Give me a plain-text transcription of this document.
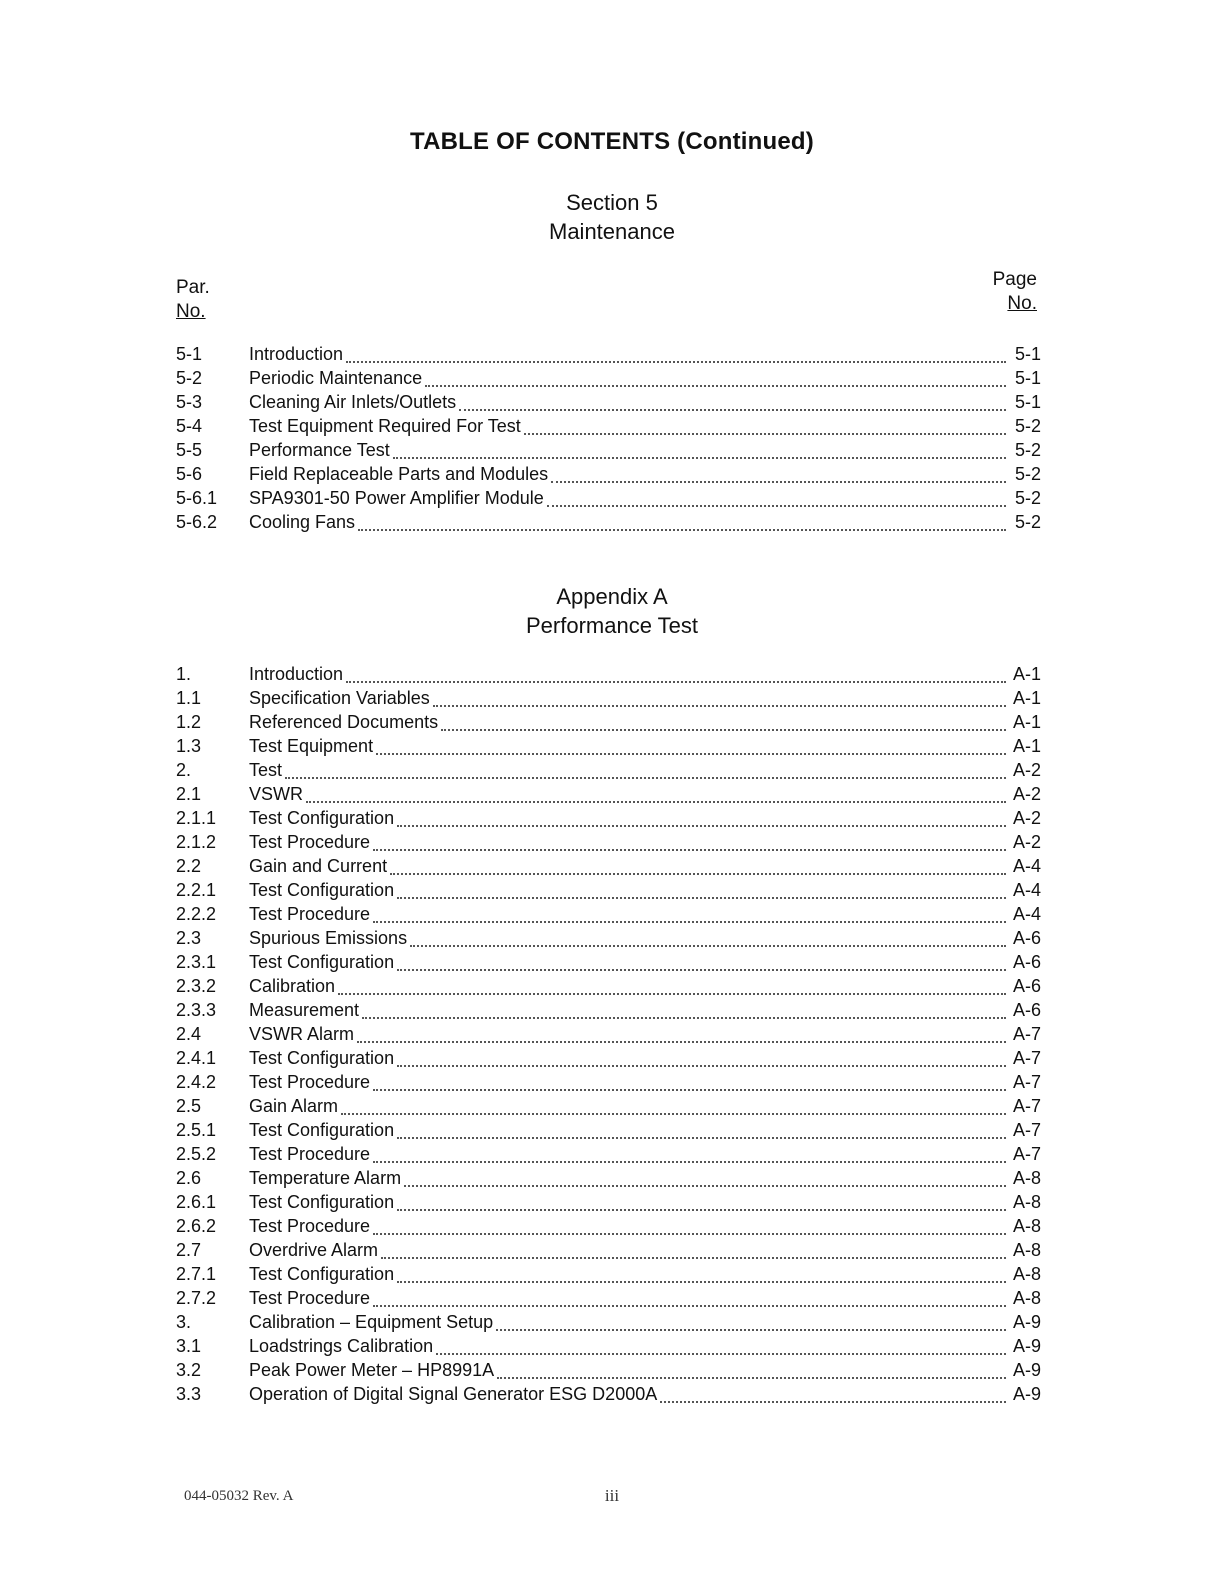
TABLE OF CONTENTS (Continued)
Section 5
Maintenance
Par.
No.
Page
No.
5-1	Introduction	5-1
5-2	Periodic Maintenance	5-1
5-3	Cleaning Air Inlets/Outlets	5-1
5-4	Test Equipment Required For Test	5-2
5-5	Performance Test	5-2
5-6	Field Replaceable Parts and Modules	5-2
5-6.1	SPA9301-50 Power Amplifier Module	5-2
5-6.2	Cooling Fans	5-2
Appendix A
Performance Test
1.	Introduction	A-1
1.1	Specification Variables	A-1
1.2	Referenced Documents	A-1
1.3	Test Equipment	A-1
2.	Test	A-2
2.1	VSWR	A-2
2.1.1	Test Configuration	A-2
2.1.2	Test Procedure	A-2
2.2	Gain and Current	A-4
2.2.1	Test Configuration	A-4
2.2.2	Test Procedure	A-4
2.3	Spurious Emissions	A-6
2.3.1	Test Configuration	A-6
2.3.2	Calibration	A-6
2.3.3	Measurement	A-6
2.4	VSWR Alarm	A-7
2.4.1	Test Configuration	A-7
2.4.2	Test Procedure	A-7
2.5	Gain Alarm	A-7
2.5.1	Test Configuration	A-7
2.5.2	Test Procedure	A-7
2.6	Temperature Alarm	A-8
2.6.1	Test Configuration	A-8
2.6.2	Test Procedure	A-8
2.7	Overdrive Alarm	A-8
2.7.1	Test Configuration	A-8
2.7.2	Test Procedure	A-8
3.	Calibration – Equipment Setup	A-9
3.1	Loadstrings Calibration	A-9
3.2	Peak Power Meter – HP8991A	A-9
3.3	Operation of Digital Signal Generator ESG D2000A	A-9
044-05032 Rev. A	iii
